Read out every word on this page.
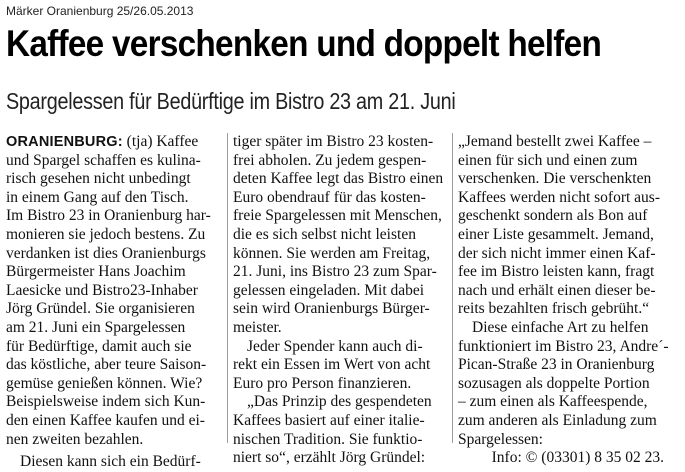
Märker Oranienburg 25/26.05.2013
Kaffee verschenken und doppelt helfen
Spargelessen für Bedürftige im Bistro 23 am 21. Juni
ORANIENBURG: (tja) Kaffee
und Spargel schaffen es kulina-
risch gesehen nicht unbedingt
in einem Gang auf den Tisch.
Im Bistro 23 in Oranienburg har-
monieren sie jedoch bestens. Zu
verdanken ist dies Oranienburgs
Bürgermeister Hans Joachim
Laesicke und Bistro23-Inhaber
Jörg Gründel. Sie organisieren
am 21. Juni ein Spargelessen
für Bedürftige, damit auch sie
das köstliche, aber teure Saison-
gemüse genießen können. Wie?
Beispielsweise indem sich Kun-
den einen Kaffee kaufen und ei-
nen zweiten bezahlen.
Diesen kann sich ein Bedürf-
tiger später im Bistro 23 kosten-
frei abholen. Zu jedem gespen-
deten Kaffee legt das Bistro einen
Euro obendrauf für das kosten-
freie Spargelessen mit Menschen,
die es sich selbst nicht leisten
können. Sie werden am Freitag,
21. Juni, ins Bistro 23 zum Spar-
gelessen eingeladen. Mit dabei
sein wird Oranienburgs Bürger-
meister.
Jeder Spender kann auch di-
rekt ein Essen im Wert von acht
Euro pro Person finanzieren.
„Das Prinzip des gespendeten
Kaffees basiert auf einer italie-
nischen Tradition. Sie funktio-
niert so“, erzählt Jörg Gründel:
„Jemand bestellt zwei Kaffee –
einen für sich und einen zum
verschenken. Die verschenkten
Kaffees werden nicht sofort aus-
geschenkt sondern als Bon auf
einer Liste gesammelt. Jemand,
der sich nicht immer einen Kaf-
fee im Bistro leisten kann, fragt
nach und erhält einen dieser be-
reits bezahlten frisch gebrüht.“
Diese einfache Art zu helfen
funktioniert im Bistro 23, Andre´-
Pican-Straße 23 in Oranienburg
sozusagen als doppelte Portion
– zum einen als Kaffeespende,
zum anderen als Einladung zum
Spargelessen:
Info: © (03301) 8 35 02 23.
